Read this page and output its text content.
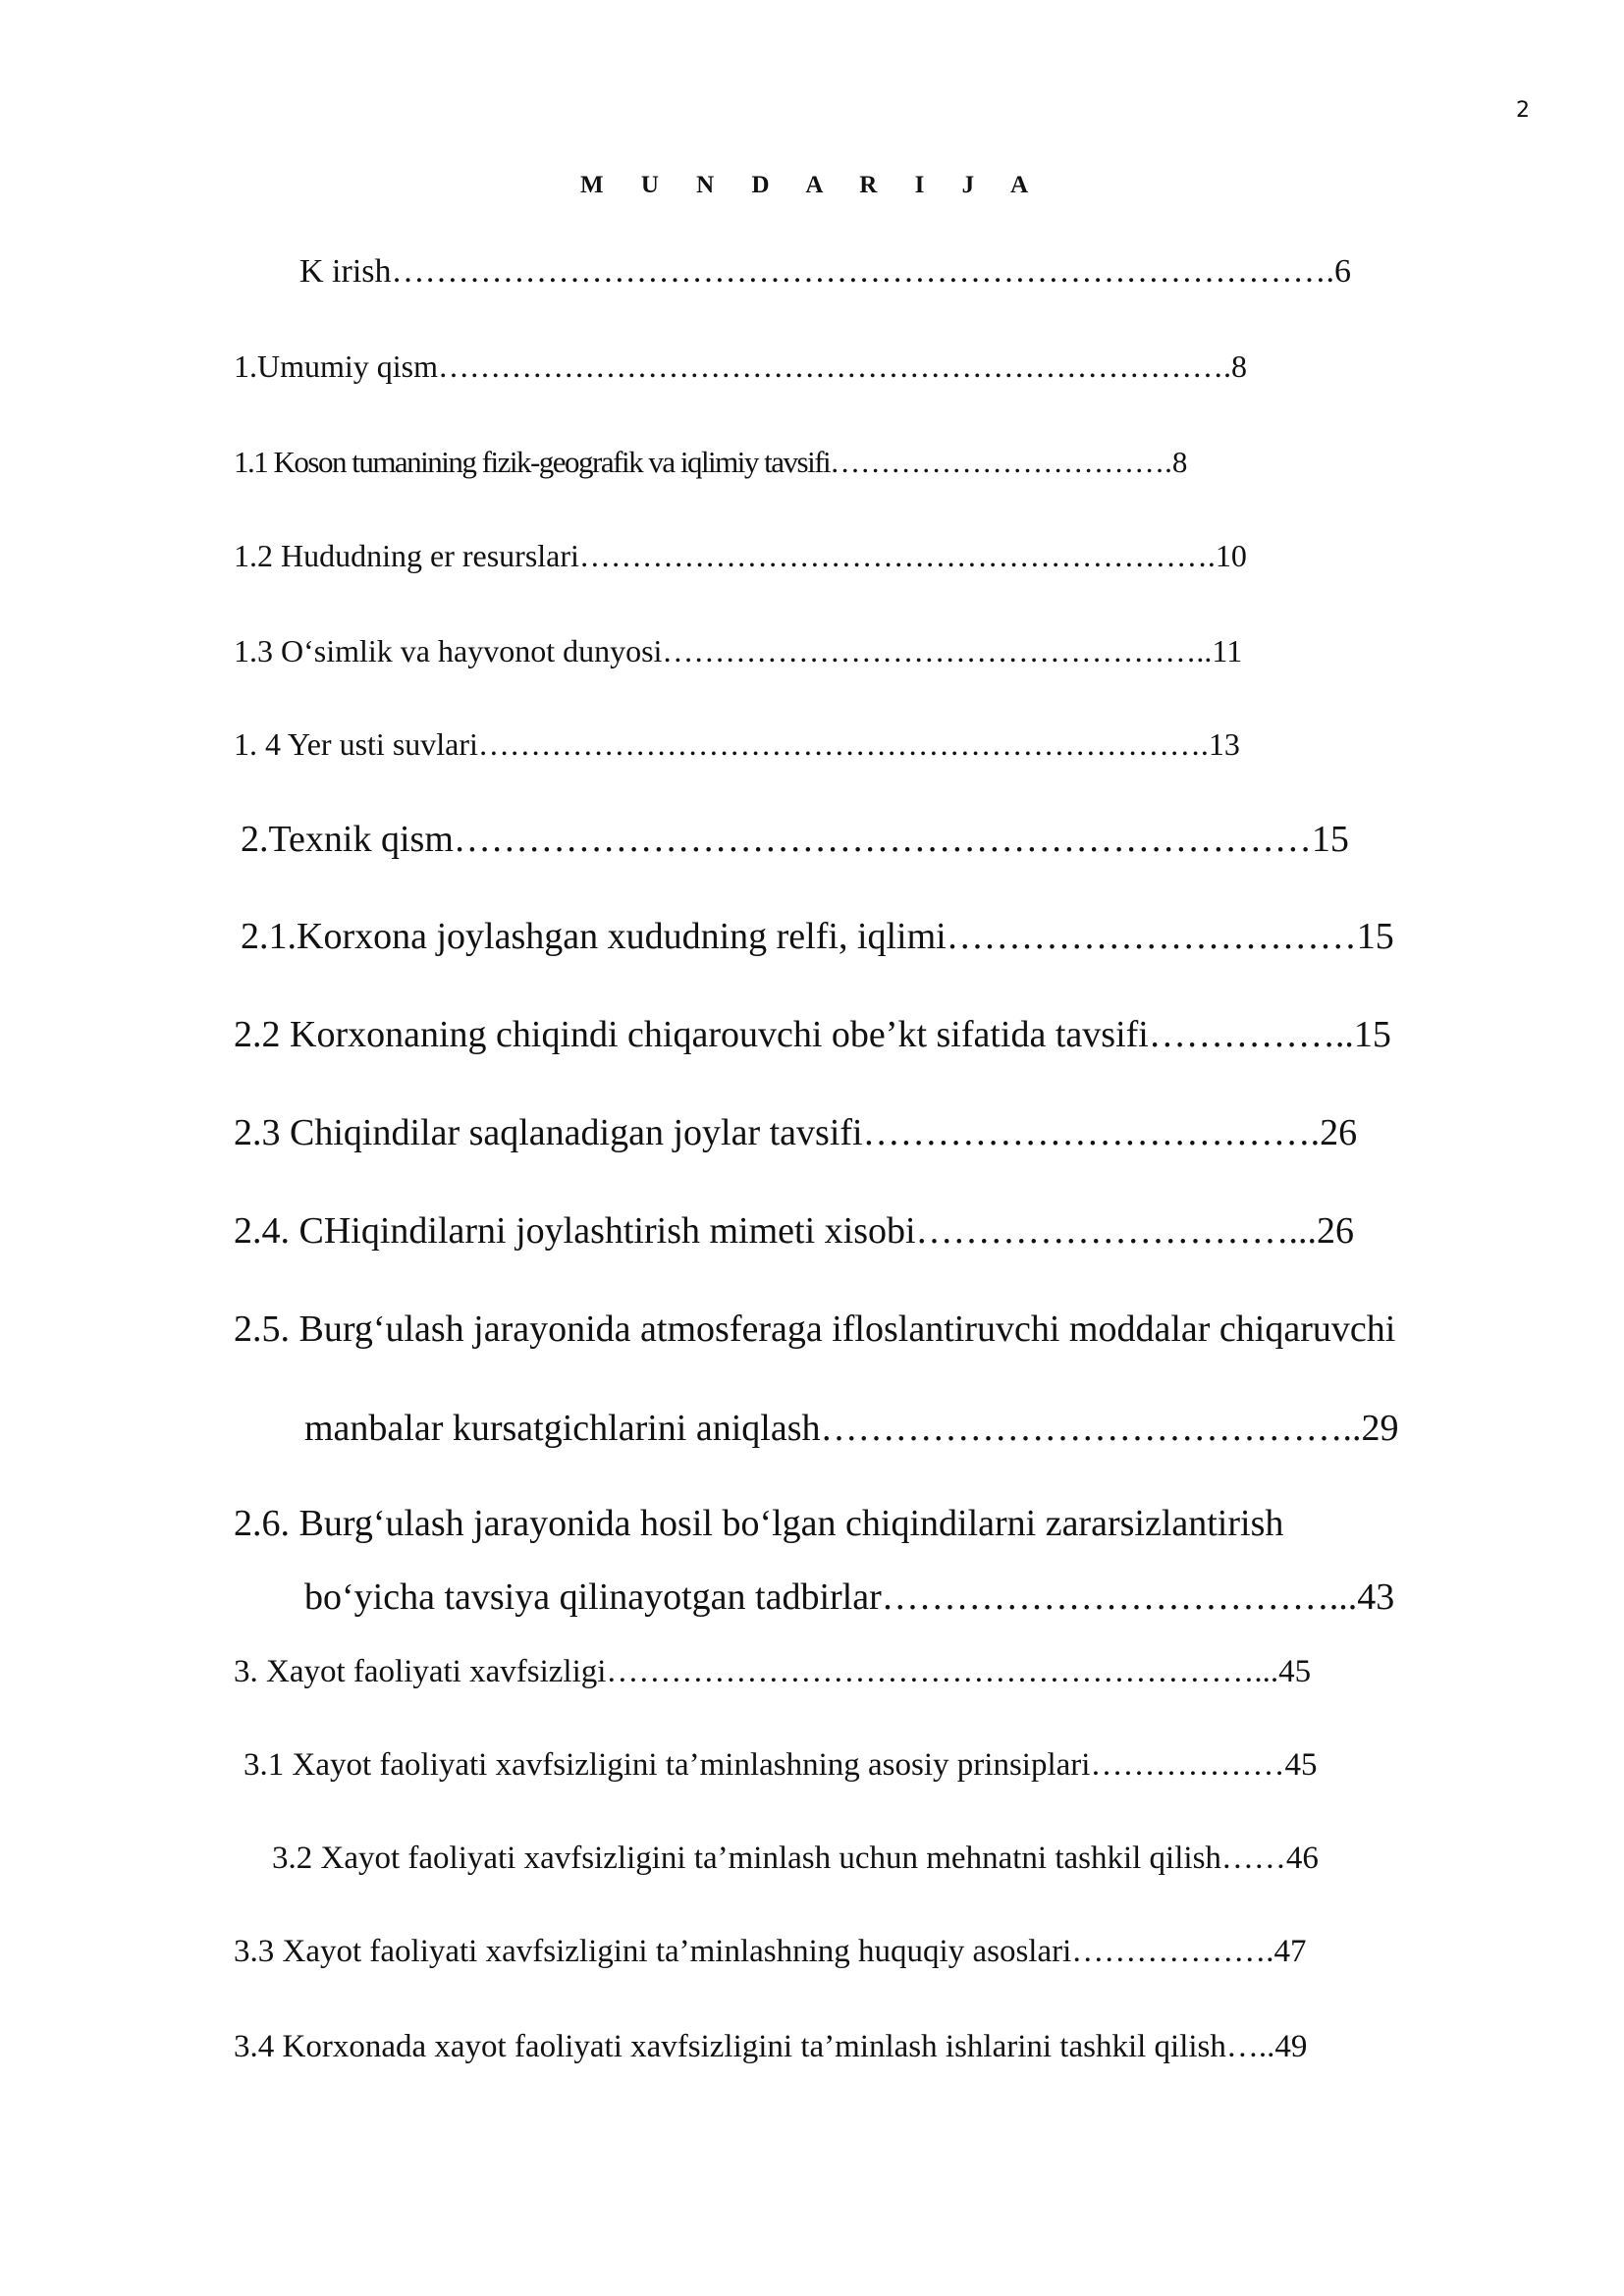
2
M U N D A R I J A
K irish………………………………………………………………………….6
1.Umumiy qism………………………………………………………………….8
1.1 Koson tumanining fizik-geografik va iqlimiy tavsifi…………………………….8
1.2 Hududning er resurslari…………………………………………………….10
1.3 O‘simlik va hayvonot dunyosi……………………………………………..11
1. 4 Yer usti suvlari…………………………………………………………….13
2.Texnik qism……………………………………………………………15
2.1.Korxona joylashgan xududning relfi, iqlimi……………………………15
2.2 Korxonaning chiqindi chiqarouvchi obe’kt sifatida tavsifi……………..15
2.3 Chiqindilar saqlanadigan joylar tavsifi……………………………….26
2.4. CHiqindilarni joylashtirish mimeti xisobi…………………………...26
2.5. Burg‘ulash jarayonida atmosferaga ifloslantiruvchi moddalar chiqaruvchi
manbalar kursatgichlarini aniqlash……………………………………..29
2.6. Burg‘ulash jarayonida hosil bo‘lgan chiqindilarni zararsizlantirish
bo‘yicha tavsiya qilinayotgan tadbirlar………………………………...43
3. Xayot faoliyati xavfsizligi……………………………………………………...45
3.1 Xayot faoliyati xavfsizligini ta’minlashning asosiy prinsiplari………………45
3.2 Xayot faoliyati xavfsizligini ta’minlash uchun mehnatni tashkil qilish……46
3.3 Xayot faoliyati xavfsizligini ta’minlashning huquqiy asoslari……………….47
3.4 Korxonada xayot faoliyati xavfsizligini ta’minlash ishlarini tashkil qilish…..49
